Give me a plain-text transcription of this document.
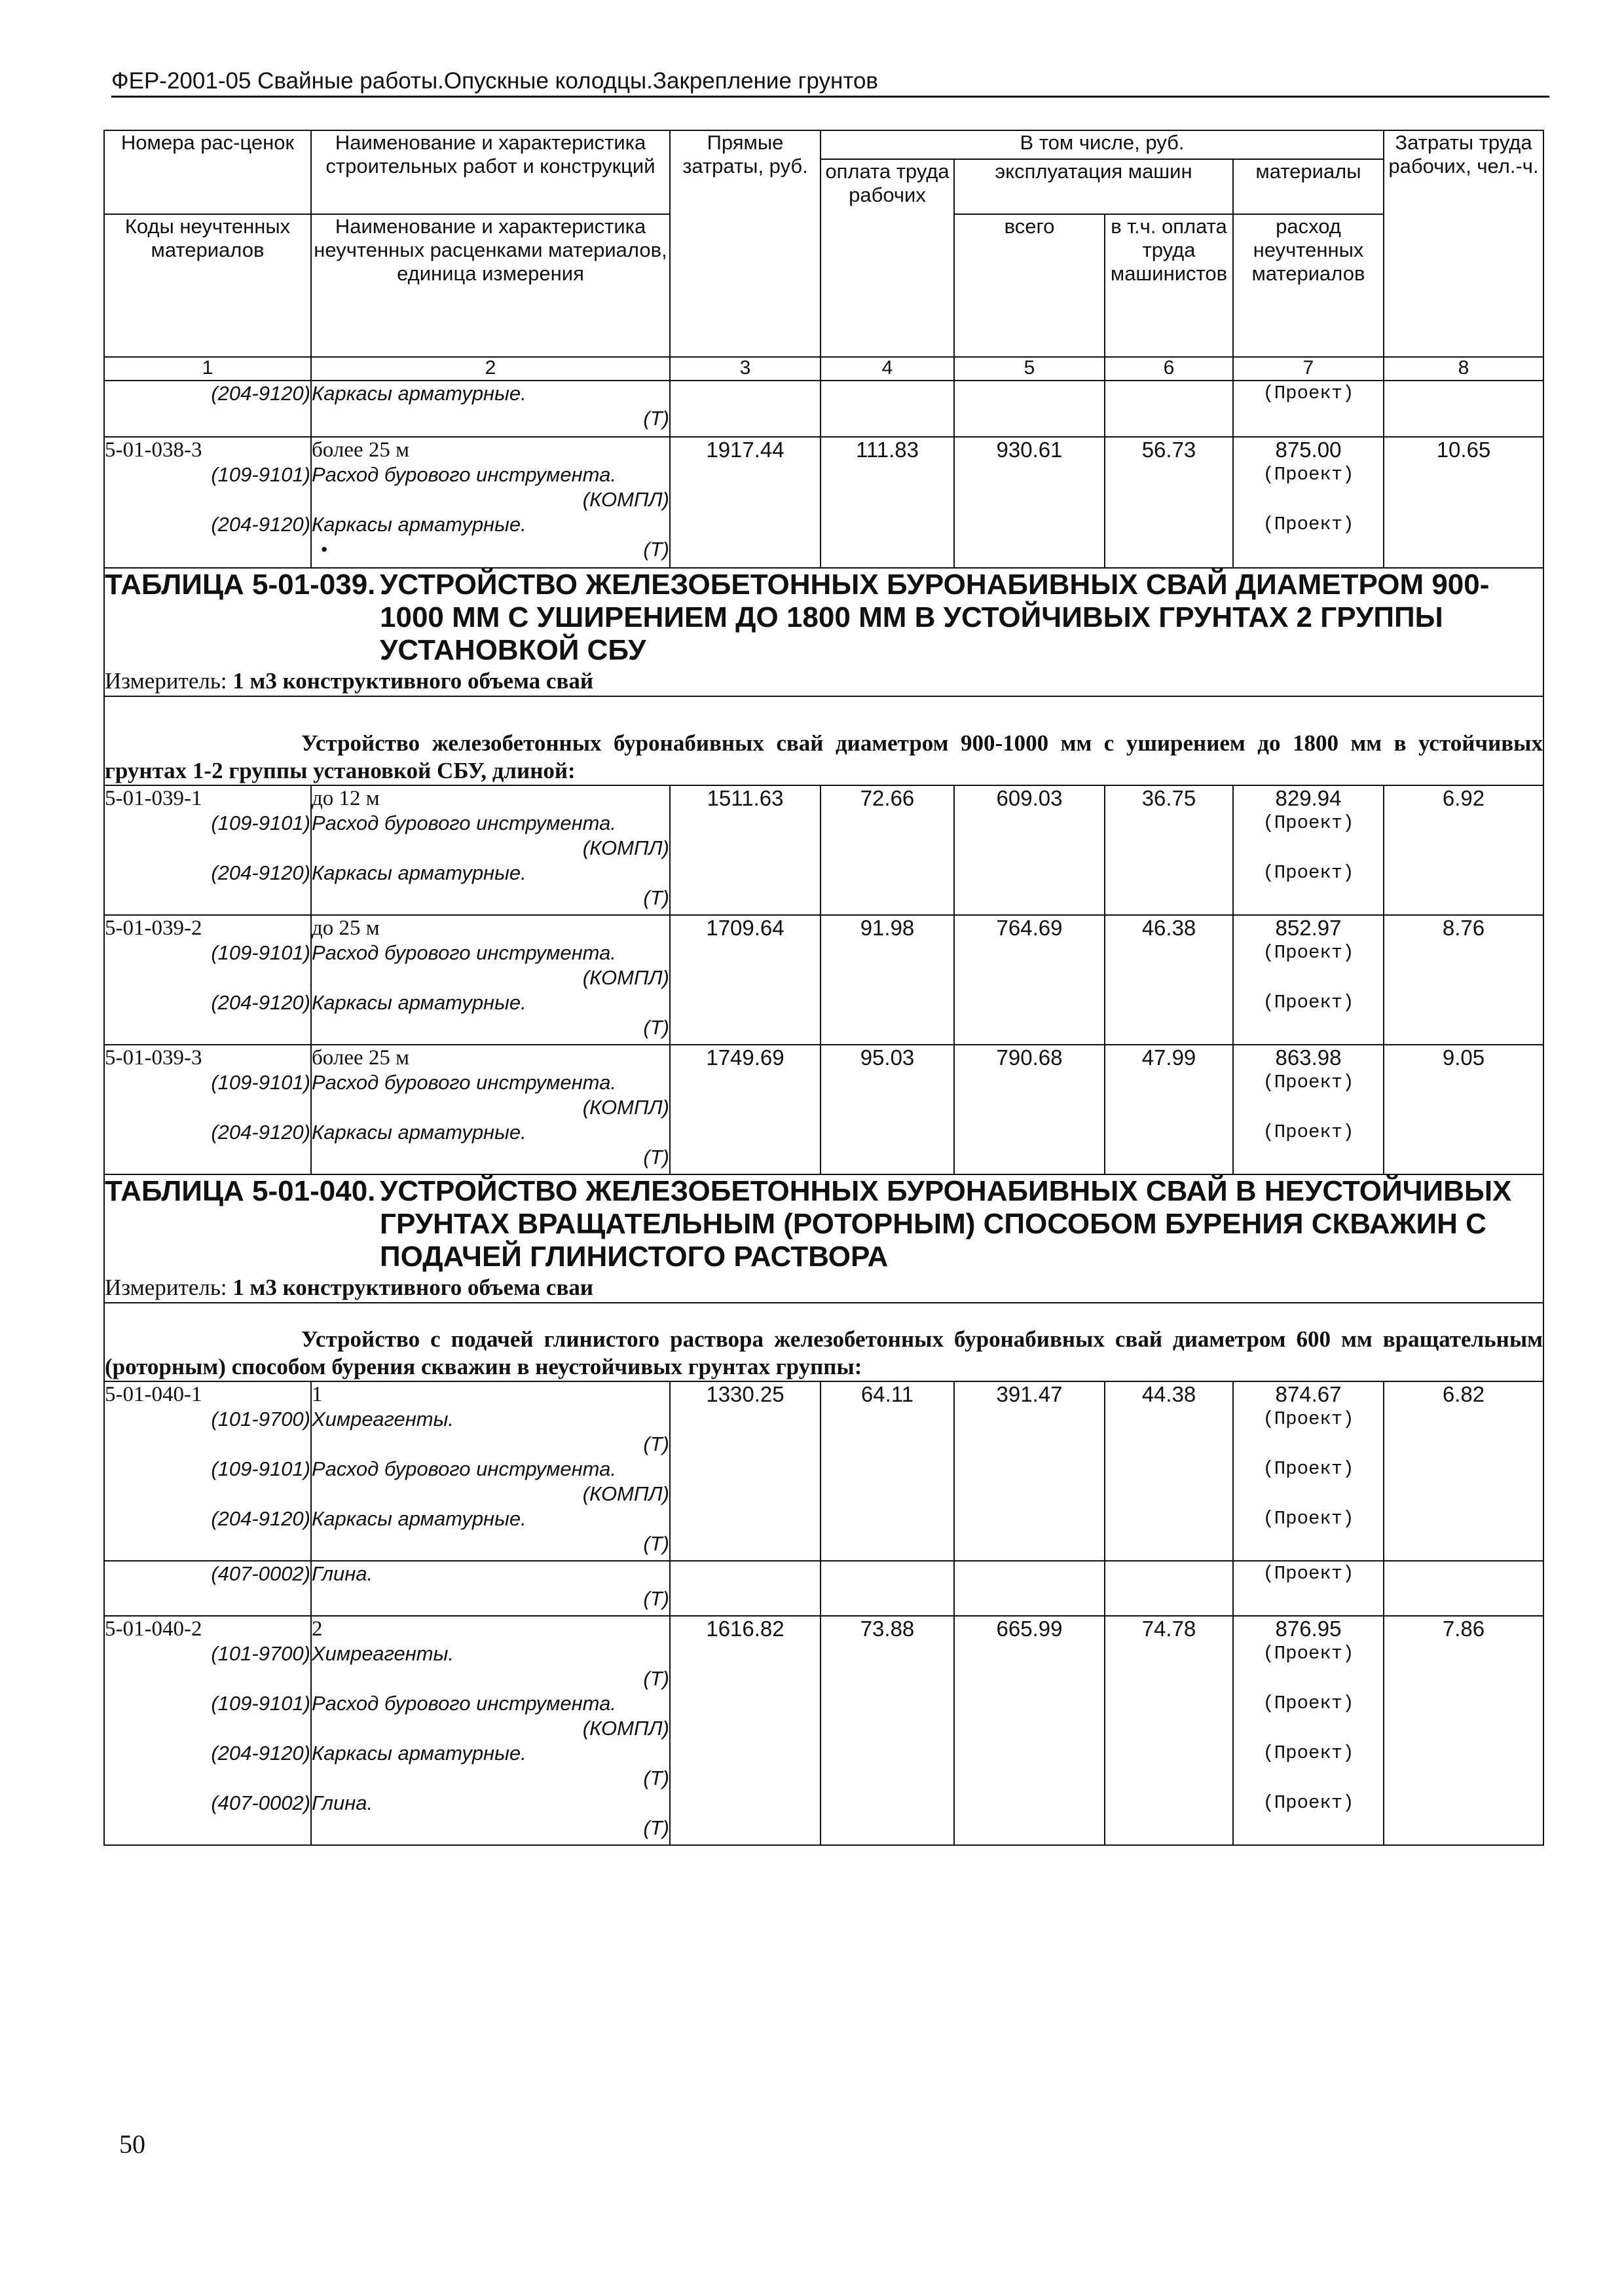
ФЕР-2001-05 Свайные работы.Опускные колодцы.Закрепление грунтов
Номера рас-ценок	Наименование и характеристика строительных работ и конструкций	Прямые затраты, руб.	В том числе, руб.				Затраты труда рабочих, чел.-ч.
			оплата труда рабочих	эксплуатация машин		материалы	
Коды неучтенных материалов	Наименование и характеристика неучтенных расценками материалов, единица измерения			всего	в т.ч. оплата труда машинистов	расход неучтенных материалов	

1	2	3	4	5	6	7	8
(204-9120)	Каркасы арматурные.					(Проект)	
	(Т)						
5-01-038-3	более 25 м	1917.44	111.83	930.61	56.73	875.00	10.65
(109-9101)	Расход бурового инструмента.					(Проект)	
	(КОМПЛ)						
(204-9120)	Каркасы арматурные.					(Проект)	

	• (Т)						

ТАБЛИЦА 5-01-039. УСТРОЙСТВО ЖЕЛЕЗОБЕТОННЫХ БУРОНАБИВНЫХ СВАЙ ДИАМЕТРОМ 900-1000 ММ С УШИРЕНИЕМ ДО 1800 ММ В УСТОЙЧИВЫХ ГРУНТАХ 2 ГРУППЫ УСТАНОВКОЙ СБУ							

Измеритель: 1 м3 конструктивного объема свай							
Устройство железобетонных буронабивных свай диаметром 900-1000 мм с уширением до 1800 мм в устойчивых грунтах 1-2 группы установкой СБУ, длиной:							
5-01-039-1	до 12 м	1511.63	72.66	609.03	36.75	829.94	6.92
(109-9101)	Расход бурового инструмента.					(Проект)	
	(КОМПЛ)						
(204-9120)	Каркасы арматурные.					(Проект)	
	(Т)						
5-01-039-2	до 25 м	1709.64	91.98	764.69	46.38	852.97	8.76
(109-9101)	Расход бурового инструмента.					(Проект)	
	(КОМПЛ)						
(204-9120)	Каркасы арматурные.					(Проект)	
	(Т)						
5-01-039-3	более 25 м	1749.69	95.03	790.68	47.99	863.98	9.05
(109-9101)	Расход бурового инструмента.					(Проект)	
	(КОМПЛ)						
(204-9120)	Каркасы арматурные.					(Проект)	
	(Т)						

ТАБЛИЦА 5-01-040. УСТРОЙСТВО ЖЕЛЕЗОБЕТОННЫХ БУРОНАБИВНЫХ СВАЙ В НЕУСТОЙЧИВЫХ ГРУНТАХ ВРАЩАТЕЛЬНЫМ (РОТОРНЫМ) СПОСОБОМ БУРЕНИЯ СКВАЖИН С ПОДАЧЕЙ ГЛИНИСТОГО РАСТВОРА							

Измеритель: 1 м3 конструктивного объема сваи							
Устройство с подачей глинистого раствора железобетонных буронабивных свай диаметром 600 мм вращательным (роторным) способом бурения скважин в неустойчивых грунтах группы:							
5-01-040-1	1	1330.25	64.11	391.47	44.38	874.67	6.82
(101-9700)	Химреагенты.					(Проект)	
	(Т)						
(109-9101)	Расход бурового инструмента.					(Проект)	
	(КОМПЛ)						
(204-9120)	Каркасы арматурные.					(Проект)	
	(Т)						
(407-0002)	Глина.					(Проект)	
	(Т)						
5-01-040-2	2	1616.82	73.88	665.99	74.78	876.95	7.86
(101-9700)	Химреагенты.					(Проект)	
	(Т)						
(109-9101)	Расход бурового инструмента.					(Проект)	
	(КОМПЛ)						
(204-9120)	Каркасы арматурные.					(Проект)	
	(Т)						
(407-0002)	Глина.					(Проект)	
	(Т)						
50
